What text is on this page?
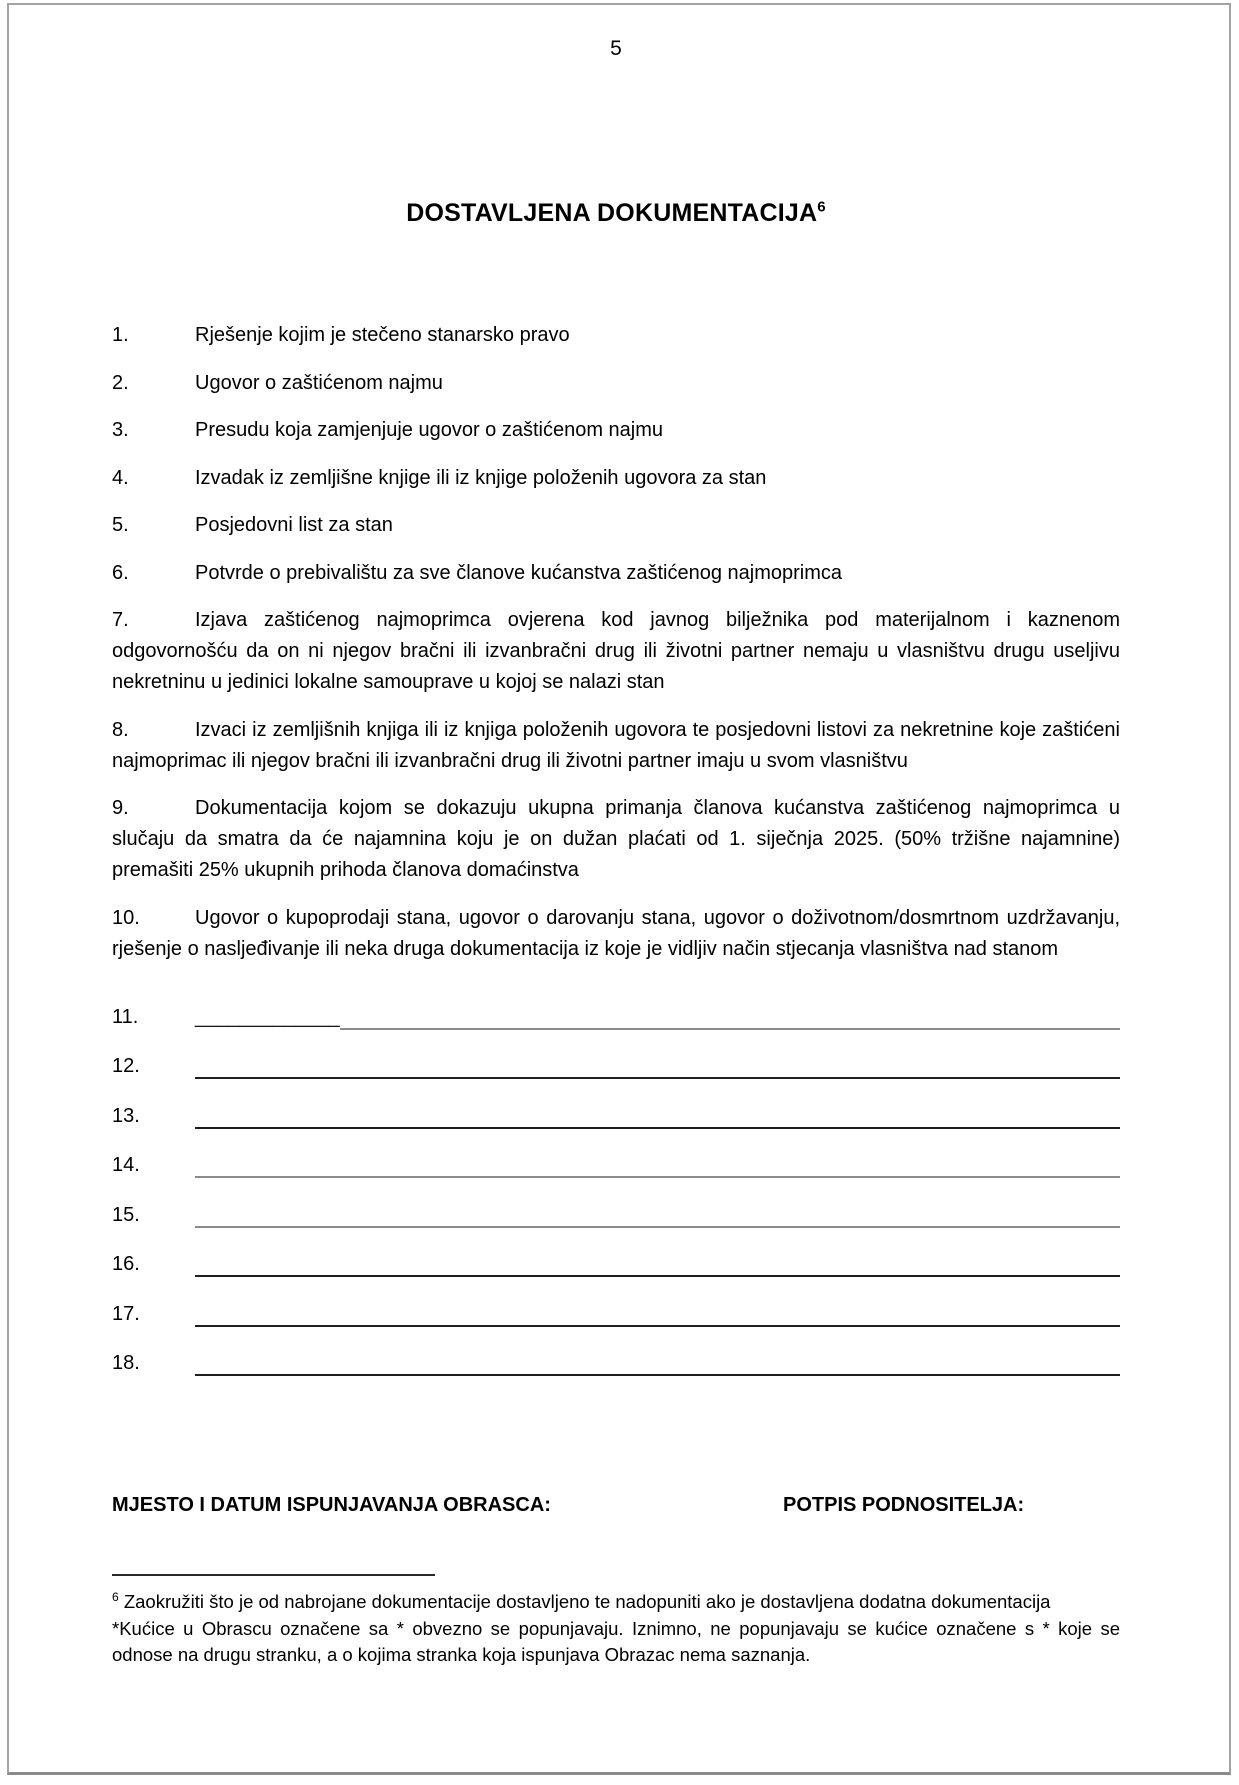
5
DOSTAVLJENA DOKUMENTACIJA$^6$

1.	Rješenje kojim je stečeno stanarsko pravo

2.	Ugovor o zaštićenom najmu

3.	Presudu koja zamjenjuje ugovor o zaštićenom najmu

4.	Izvadak iz zemljišne knjige ili iz knjige položenih ugovora za stan

5.	Posjedovni list za stan

6.	Potvrde o prebivalištu za sve članove kućanstva zaštićenog najmoprimca

7.	Izjava zaštićenog najmoprimca ovjerena kod javnog bilježnika pod materijalnom i kaznenom odgovornošću da on ni njegov bračni ili izvanbračni drug ili životni partner nemaju u vlasništvu drugu useljivu nekretninu u jedinici lokalne samouprave u kojoj se nalazi stan

8.	Izvaci iz zemljišnih knjiga ili iz knjiga položenih ugovora te posjedovni listovi za nekretnine koje zaštićeni najmoprimac ili njegov bračni ili izvanbračni drug ili životni partner imaju u svom vlasništvu

9.	Dokumentacija kojom se dokazuju ukupna primanja članova kućanstva zaštićenog najmoprimca u slučaju da smatra da će najamnina koju je on dužan plaćati od 1. siječnja 2025. (50% tržišne najamnine) premašiti 25% ukupnih prihoda članova domaćinstva

10.	Ugovor o kupoprodaji stana, ugovor o darovanju stana, ugovor o doživotnom/dosmrtnom uzdržavanju, rješenje o nasljeđivanje ili neka druga dokumentacija iz koje je vidljiv način stjecanja vlasništva nad stanom

11.	_____________
12.
13.
14.
15.
16.
17.
18.
MJESTO I DATUM ISPUNJAVANJA OBRASCA:	POTPIS PODNOSITELJA:

$^6$ Zaokružiti što je od nabrojane dokumentacije dostavljeno te nadopuniti ako je dostavljena dodatna dokumentacija

*Kućice u Obrascu označene sa * obvezno se popunjavaju. Iznimno, ne popunjavaju se kućice označene s * koje se odnose na drugu stranku, a o kojima stranka koja ispunjava Obrazac nema saznanja.
